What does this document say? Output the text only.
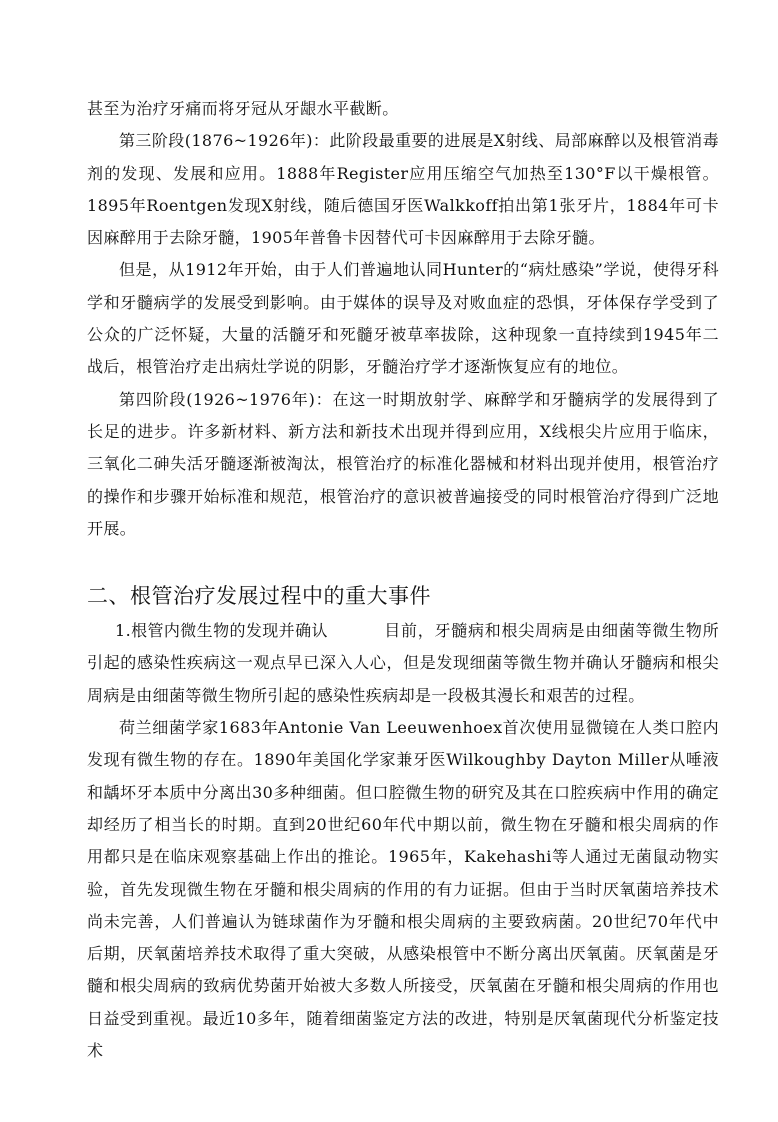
甚至为治疗牙痛而将牙冠从牙龈水平截断。

第三阶段(1876~1926年)：此阶段最重要的进展是X射线、局部麻醉以及根管消毒剂的发现、发展和应用。1888年Register应用压缩空气加热至130°F以干燥根管。1895年Roentgen发现X射线，随后德国牙医Walkkoff拍出第1张牙片，1884年可卡因麻醉用于去除牙髓，1905年普鲁卡因替代可卡因麻醉用于去除牙髓。

但是，从1912年开始，由于人们普遍地认同Hunter的“病灶感染”学说，使得牙科学和牙髓病学的发展受到影响。由于媒体的误导及对败血症的恐惧，牙体保存学受到了公众的广泛怀疑，大量的活髓牙和死髓牙被草率拔除，这种现象一直持续到1945年二战后，根管治疗走出病灶学说的阴影，牙髓治疗学才逐渐恢复应有的地位。

第四阶段(1926~1976年)：在这一时期放射学、麻醉学和牙髓病学的发展得到了长足的进步。许多新材料、新方法和新技术出现并得到应用，X线根尖片应用于临床，三氧化二砷失活牙髓逐渐被淘汰，根管治疗的标准化器械和材料出现并使用，根管治疗的操作和步骤开始标准和规范，根管治疗的意识被普遍接受的同时根管治疗得到广泛地开展。

二、根管治疗发展过程中的重大事件

1.根管内微生物的发现并确认	目前，牙髓病和根尖周病是由细菌等微生物所引起的感染性疾病这一观点早已深入人心，但是发现细菌等微生物并确认牙髓病和根尖周病是由细菌等微生物所引起的感染性疾病却是一段极其漫长和艰苦的过程。

荷兰细菌学家1683年Antonie Van Leeuwenhoex首次使用显微镜在人类口腔内发现有微生物的存在。1890年美国化学家兼牙医Wilkoughby Dayton Miller从唾液和龋坏牙本质中分离出30多种细菌。但口腔微生物的研究及其在口腔疾病中作用的确定却经历了相当长的时期。直到20世纪60年代中期以前，微生物在牙髓和根尖周病的作用都只是在临床观察基础上作出的推论。1965年，Kakehashi等人通过无菌鼠动物实验，首先发现微生物在牙髓和根尖周病的作用的有力证据。但由于当时厌氧菌培养技术尚未完善，人们普遍认为链球菌作为牙髓和根尖周病的主要致病菌。20世纪70年代中后期，厌氧菌培养技术取得了重大突破，从感染根管中不断分离出厌氧菌。厌氧菌是牙髓和根尖周病的致病优势菌开始被大多数人所接受，厌氧菌在牙髓和根尖周病的作用也日益受到重视。最近10多年，随着细菌鉴定方法的改进，特别是厌氧菌现代分析鉴定技术
